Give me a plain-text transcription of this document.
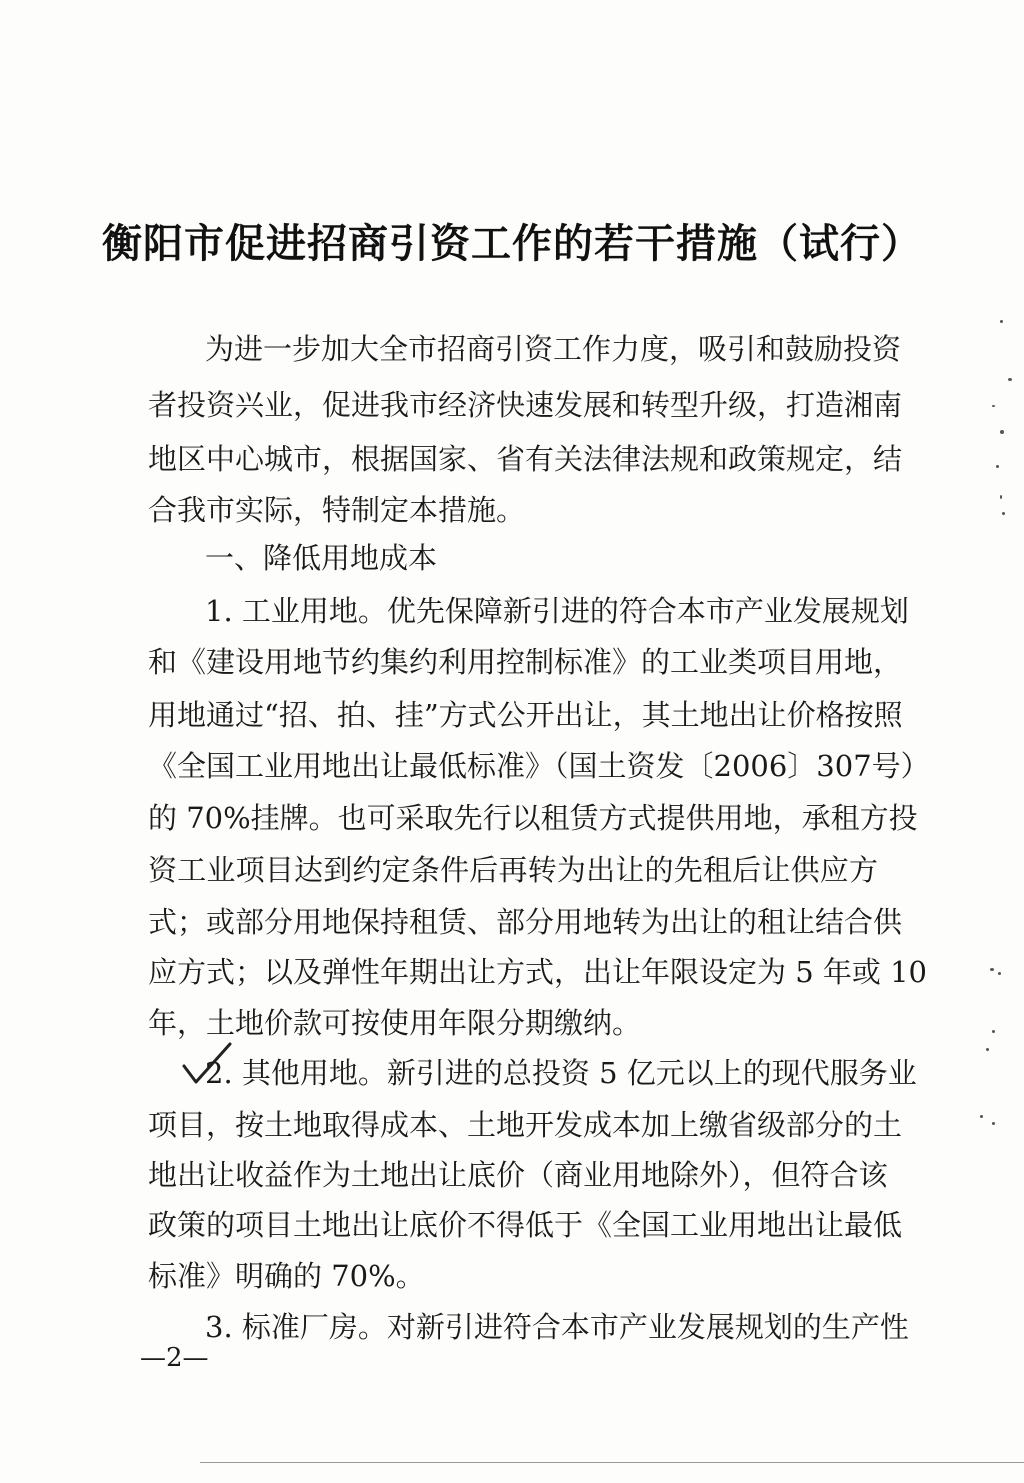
衡阳市促进招商引资工作的若干措施（试行）
为进一步加大全市招商引资工作力度，吸引和鼓励投资
者投资兴业，促进我市经济快速发展和转型升级，打造湘南
地区中心城市，根据国家、省有关法律法规和政策规定，结
合我市实际，特制定本措施。
一、降低用地成本
1. 工业用地。优先保障新引进的符合本市产业发展规划
和《建设用地节约集约利用控制标准》的工业类项目用地，
用地通过“招、拍、挂”方式公开出让，其土地出让价格按照
《全国工业用地出让最低标准》（国土资发〔2006〕307号）
的 70%挂牌。也可采取先行以租赁方式提供用地，承租方投
资工业项目达到约定条件后再转为出让的先租后让供应方
式；或部分用地保持租赁、部分用地转为出让的租让结合供
应方式；以及弹性年期出让方式，出让年限设定为 5 年或 10
年，土地价款可按使用年限分期缴纳。
2. 其他用地。新引进的总投资 5 亿元以上的现代服务业
项目，按土地取得成本、土地开发成本加上缴省级部分的土
地出让收益作为土地出让底价（商业用地除外），但符合该
政策的项目土地出让底价不得低于《全国工业用地出让最低
标准》明确的 70%。
3. 标准厂房。对新引进符合本市产业发展规划的生产性
—2—
